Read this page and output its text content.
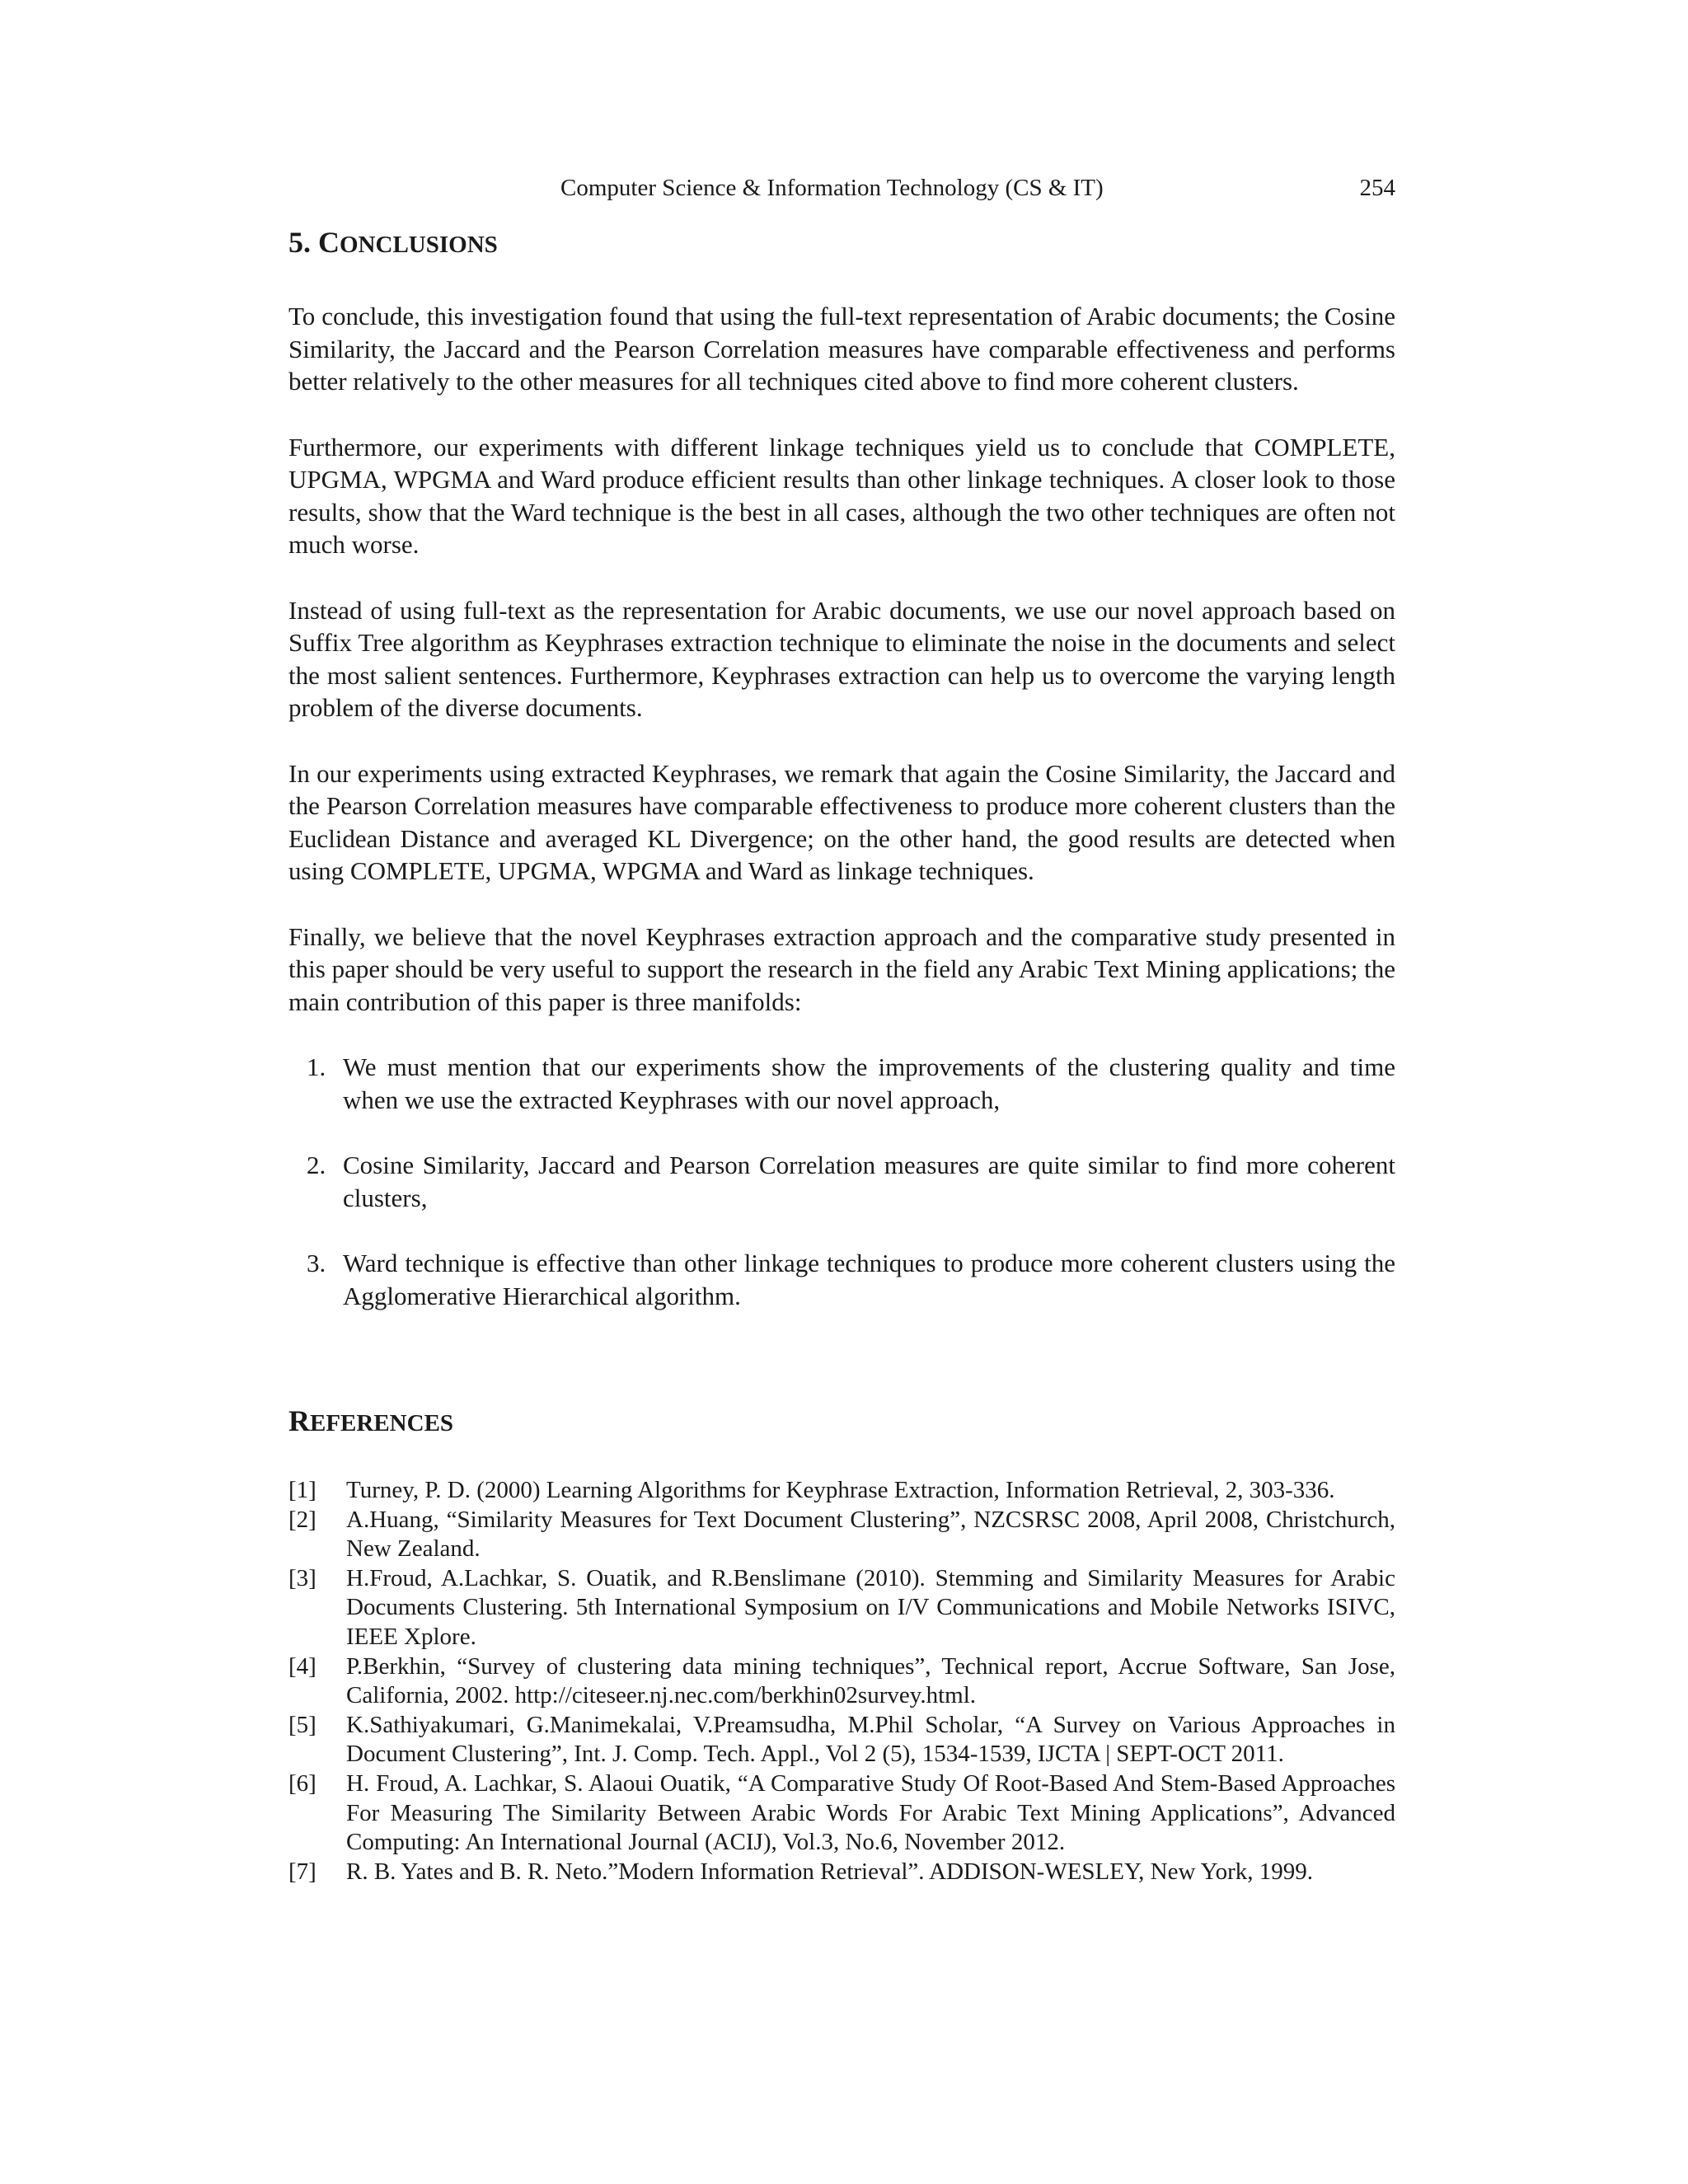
Computer Science & Information Technology (CS & IT)	254
5. CONCLUSIONS

To conclude, this investigation found that using the full-text representation of Arabic documents; the Cosine Similarity, the Jaccard and the Pearson Correlation measures have comparable effectiveness and performs better relatively to the other measures for all techniques cited above to find more coherent clusters.

Furthermore, our experiments with different linkage techniques yield us to conclude that COMPLETE, UPGMA, WPGMA and Ward produce efficient results than other linkage techniques. A closer look to those results, show that the Ward technique is the best in all cases, although the two other techniques are often not much worse.

Instead of using full-text as the representation for Arabic documents, we use our novel approach based on Suffix Tree algorithm as Keyphrases extraction technique to eliminate the noise in the documents and select the most salient sentences. Furthermore, Keyphrases extraction can help us to overcome the varying length problem of the diverse documents.

In our experiments using extracted Keyphrases, we remark that again the Cosine Similarity, the Jaccard and the Pearson Correlation measures have comparable effectiveness to produce more coherent clusters than the Euclidean Distance and averaged KL Divergence; on the other hand, the good results are detected when using COMPLETE, UPGMA, WPGMA and Ward as linkage techniques.

Finally, we believe that the novel Keyphrases extraction approach and the comparative study presented in this paper should be very useful to support the research in the field any Arabic Text Mining applications; the main contribution of this paper is three manifolds:

1. We must mention that our experiments show the improvements of the clustering quality and time when we use the extracted Keyphrases with our novel approach,
2. Cosine Similarity, Jaccard and Pearson Correlation measures are quite similar to find more coherent clusters,
3. Ward technique is effective than other linkage techniques to produce more coherent clusters using the Agglomerative Hierarchical algorithm.
REFERENCES
[1] Turney, P. D. (2000) Learning Algorithms for Keyphrase Extraction, Information Retrieval, 2, 303-336.
[2] A.Huang, “Similarity Measures for Text Document Clustering”, NZCSRSC 2008, April 2008, Christchurch, New Zealand.
[3] H.Froud, A.Lachkar, S. Ouatik, and R.Benslimane (2010). Stemming and Similarity Measures for Arabic Documents Clustering. 5th International Symposium on I/V Communications and Mobile Networks ISIVC, IEEE Xplore.
[4] P.Berkhin, “Survey of clustering data mining techniques”, Technical report, Accrue Software, San Jose, California, 2002. http://citeseer.nj.nec.com/berkhin02survey.html.
[5] K.Sathiyakumari, G.Manimekalai, V.Preamsudha, M.Phil Scholar, “A Survey on Various Approaches in Document Clustering”, Int. J. Comp. Tech. Appl., Vol 2 (5), 1534-1539, IJCTA | SEPT-OCT 2011.
[6] H. Froud, A. Lachkar, S. Alaoui Ouatik, “A Comparative Study Of Root-Based And Stem-Based Approaches For Measuring The Similarity Between Arabic Words For Arabic Text Mining Applications”, Advanced Computing: An International Journal (ACIJ), Vol.3, No.6, November 2012.
[7] R. B. Yates and B. R. Neto.”Modern Information Retrieval”. ADDISON-WESLEY, New York, 1999.
